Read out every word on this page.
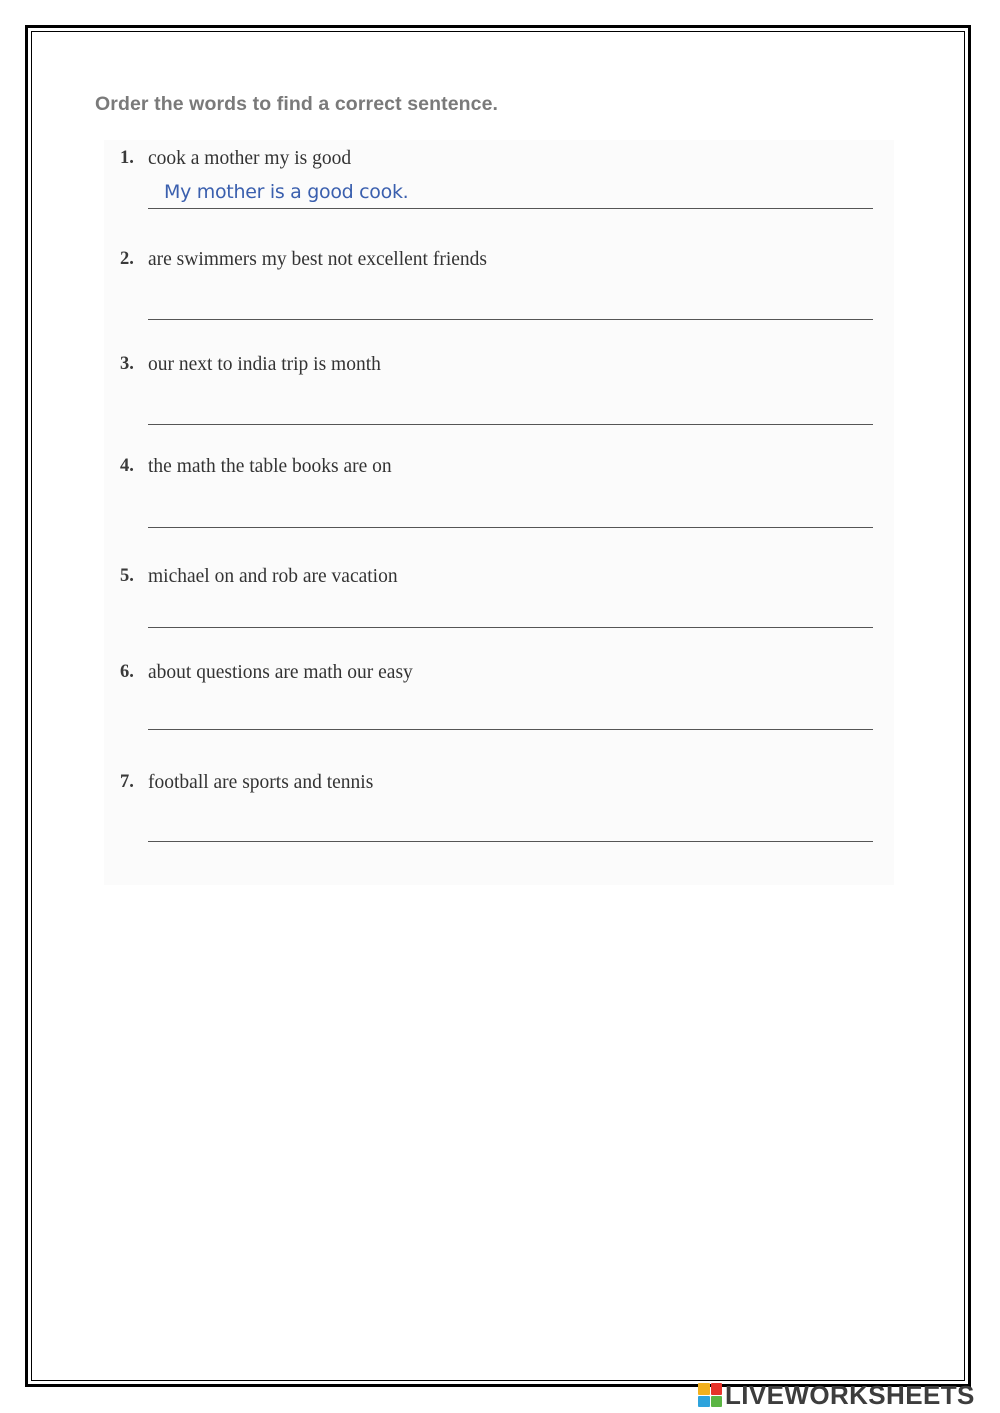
Order the words to find a correct sentence.
1. cook a mother my is good
My mother is a good cook.
2. are swimmers my best not excellent friends
3. our next to india trip is month
4. the math the table books are on
5. michael on and rob are vacation
6. about questions are math our easy
7. football are sports and tennis
LIVEWORKSHEETS
